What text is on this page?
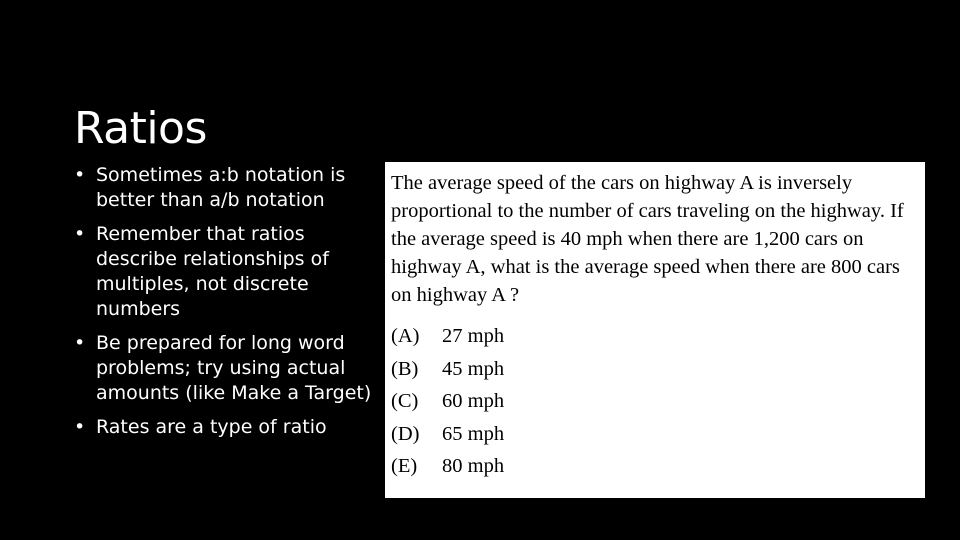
Ratios
• Sometimes a:b notation is better than a/b notation
• Remember that ratios describe relationships of multiples, not discrete numbers
• Be prepared for long word problems; try using actual amounts (like Make a Target)
• Rates are a type of ratio

The average speed of the cars on highway A is inversely proportional to the number of cars traveling on the highway. If the average speed is 40 mph when there are 1,200 cars on highway A, what is the average speed when there are 800 cars on highway A ?

(A)	27 mph
(B)	45 mph
(C)	60 mph
(D)	65 mph
(E)	80 mph
